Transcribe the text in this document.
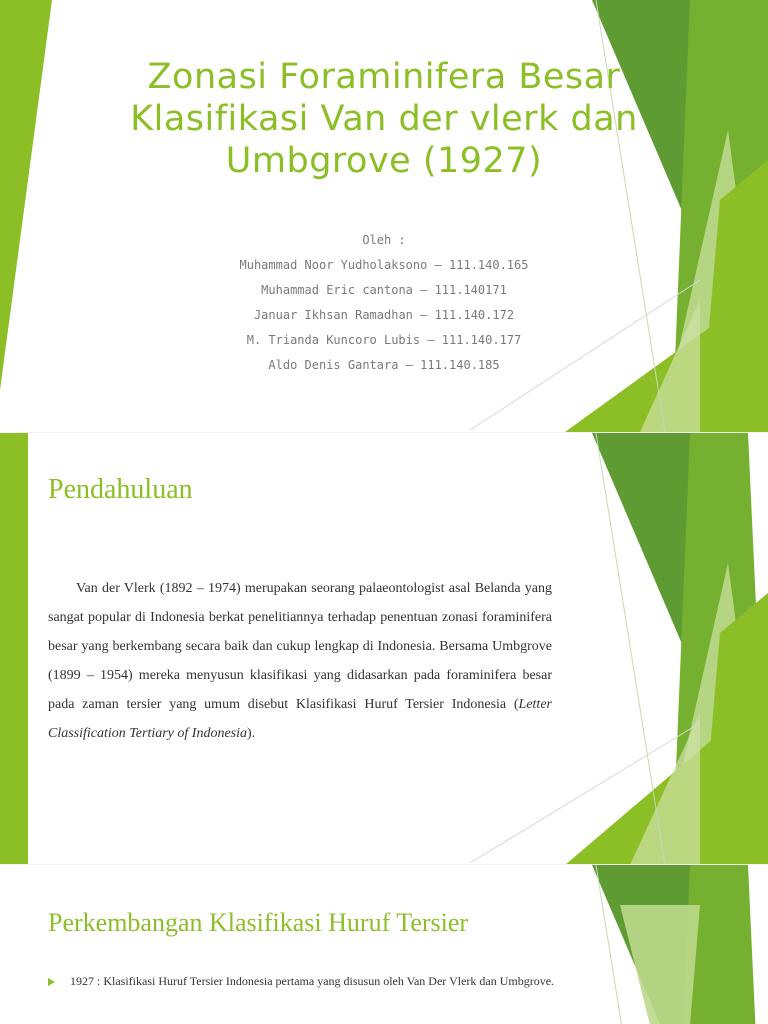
Zonasi Foraminifera Besar
Klasifikasi Van der vlerk dan
Umbgrove (1927)
Oleh :
Muhammad Noor Yudholaksono – 111.140.165
Muhammad Eric cantona – 111.140171
Januar Ikhsan Ramadhan – 111.140.172
M. Trianda Kuncoro Lubis – 111.140.177
Aldo Denis Gantara – 111.140.185
Pendahuluan
Van der Vlerk (1892 – 1974) merupakan seorang palaeontologist asal Belanda yang sangat popular di Indonesia berkat penelitiannya terhadap penentuan zonasi foraminifera besar yang berkembang secara baik dan cukup lengkap di Indonesia. Bersama Umbgrove (1899 – 1954) mereka menyusun klasifikasi yang didasarkan pada foraminifera besar pada zaman tersier yang umum disebut Klasifikasi Huruf Tersier Indonesia (Letter Classification Tertiary of Indonesia).
Perkembangan Klasifikasi Huruf Tersier
1927 : Klasifikasi Huruf Tersier Indonesia pertama yang disusun oleh Van Der Vlerk dan Umbgrove.
